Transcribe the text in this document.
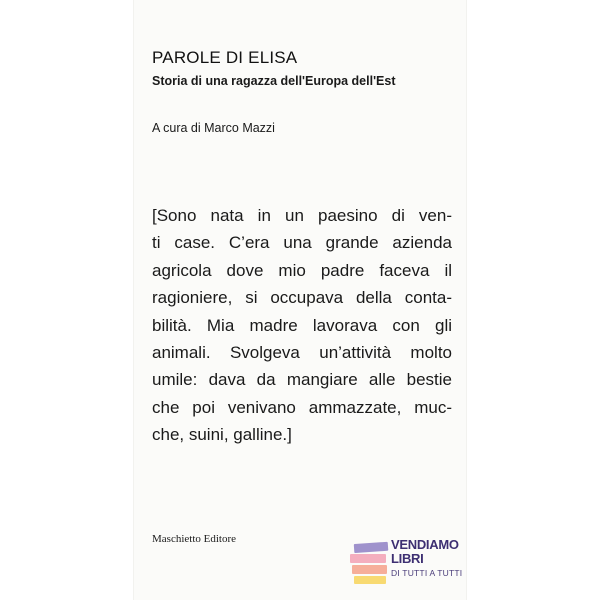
PAROLE DI ELISA
Storia di una ragazza dell'Europa dell'Est

A cura di Marco Mazzi

[Sono nata in un paesino di ven-
ti case. C’era una grande azienda
agricola dove mio padre faceva il
ragioniere, si occupava della conta-
bilità. Mia madre lavorava con gli
animali. Svolgeva un’attività molto
umile: dava da mangiare alle bestie
che poi venivano ammazzate, muc-
che, suini, galline.]

Maschietto Editore	VENDIAMO
LIBRI
DI TUTTI A TUTTI
